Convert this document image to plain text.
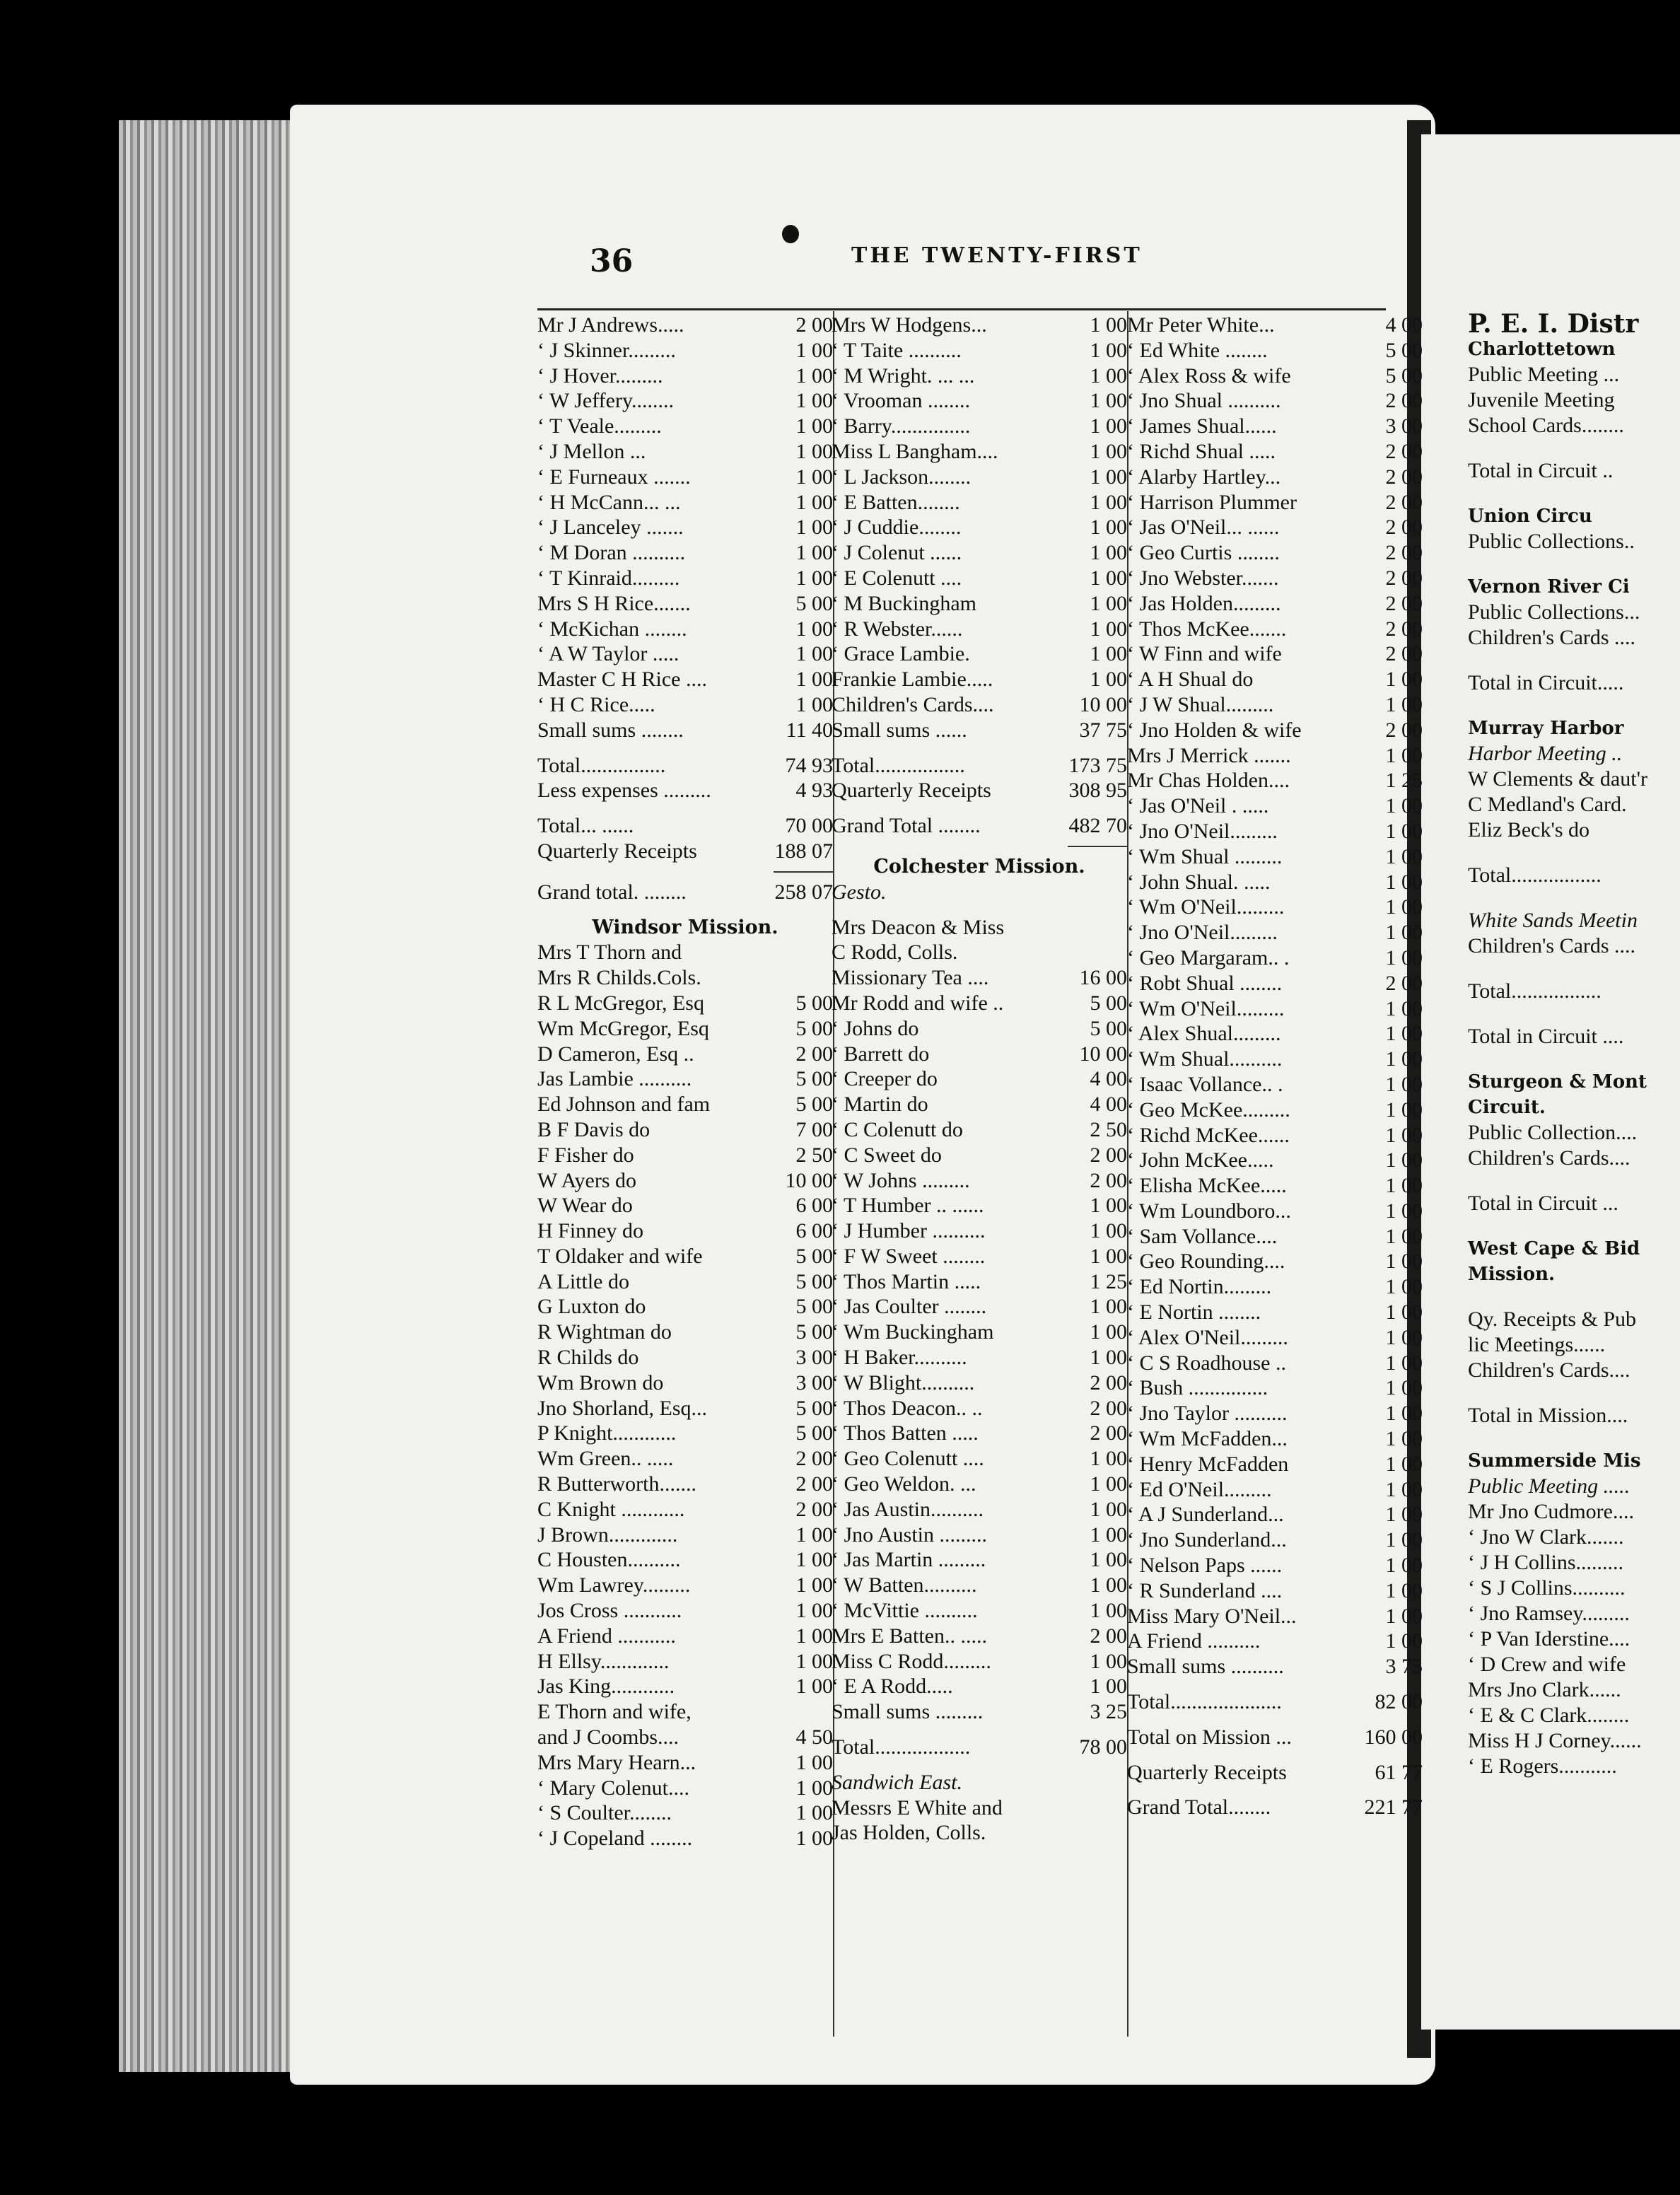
36	THE TWENTY-FIRST
Mr J Andrews.....	2 00
‘ J Skinner.........	1 00
‘ J Hover.........	1 00
‘ W Jeffery........	1 00
‘ T Veale.........	1 00
‘ J Mellon ...	1 00
‘ E Furneaux .......	1 00
‘ H McCann... ...	1 00
‘ J Lanceley .......	1 00
‘ M Doran ..........	1 00
‘ T Kinraid.........	1 00
Mrs S H Rice.......	5 00
‘ McKichan ........	1 00
‘ A W Taylor .....	1 00
Master C H Rice ....	1 00
‘ H C Rice.....	1 00
Small sums ........	11 40
Total................	74 93
Less expenses .........	4 93
Total... ......	70 00
Quarterly Receipts	188 07
Grand total. ........	258 07
Windsor Mission.
Mrs T Thorn and
Mrs R Childs.Cols.
R L McGregor, Esq	5 00
Wm McGregor, Esq	5 00
D Cameron, Esq ..	2 00
Jas Lambie ..........	5 00
Ed Johnson and fam	5 00
B F Davis do	7 00
F Fisher do	2 50
W Ayers do	10 00
W Wear do	6 00
H Finney do	6 00
T Oldaker and wife	5 00
A Little do	5 00
G Luxton do	5 00
R Wightman do	5 00
R Childs do	3 00
Wm Brown do	3 00
Jno Shorland, Esq...	5 00
P Knight............	5 00
Wm Green.. .....	2 00
R Butterworth.......	2 00
C Knight ............	2 00
J Brown.............	1 00
C Housten..........	1 00
Wm Lawrey.........	1 00
Jos Cross ...........	1 00
A Friend ...........	1 00
H Ellsy.............	1 00
Jas King............	1 00
E Thorn and wife,
and J Coombs....	4 50
Mrs Mary Hearn...	1 00
‘ Mary Colenut....	1 00
‘ S Coulter........	1 00
‘ J Copeland ........	1 00
Mrs W Hodgens...	1 00
‘ T Taite ..........	1 00
‘ M Wright. ... ...	1 00
‘ Vrooman ........	1 00
‘ Barry...............	1 00
Miss L Bangham....	1 00
‘ L Jackson........	1 00
‘ E Batten........	1 00
‘ J Cuddie........	1 00
‘ J Colenut ......	1 00
‘ E Colenutt ....	1 00
‘ M Buckingham	1 00
‘ R Webster......	1 00
‘ Grace Lambie.	1 00
Frankie Lambie.....	1 00
Children's Cards....	10 00
Small sums ......	37 75
Total.................	173 75
Quarterly Receipts	308 95
Grand Total ........	482 70
Colchester Mission.
Gesto.
Mrs Deacon & Miss
C Rodd, Colls.
Missionary Tea ....	16 00
Mr Rodd and wife ..	5 00
‘ Johns do	5 00
‘ Barrett do	10 00
‘ Creeper do	4 00
‘ Martin do	4 00
‘ C Colenutt do	2 50
‘ C Sweet do	2 00
‘ W Johns .........	2 00
‘ T Humber .. ......	1 00
‘ J Humber ..........	1 00
‘ F W Sweet ........	1 00
‘ Thos Martin .....	1 25
‘ Jas Coulter ........	1 00
‘ Wm Buckingham	1 00
‘ H Baker..........	1 00
‘ W Blight..........	2 00
‘ Thos Deacon.. ..	2 00
‘ Thos Batten .....	2 00
‘ Geo Colenutt ....	1 00
‘ Geo Weldon. ...	1 00
‘ Jas Austin..........	1 00
‘ Jno Austin .........	1 00
‘ Jas Martin .........	1 00
‘ W Batten..........	1 00
‘ McVittie ..........	1 00
Mrs E Batten.. .....	2 00
Miss C Rodd.........	1 00
‘ E A Rodd.....	1 00
Small sums .........	3 25
Total..................	78 00
Sandwich East.
Messrs E White and
Jas Holden, Colls.
Mr Peter White...	4 00
‘ Ed White ........	5 00
‘ Alex Ross & wife	5 00
‘ Jno Shual ..........	2 00
‘ James Shual......	3 00
‘ Richd Shual .....	2 00
‘ Alarby Hartley...	2 00
‘ Harrison Plummer	2 00
‘ Jas O'Neil... ......	2 00
‘ Geo Curtis ........	2 00
‘ Jno Webster.......	2 00
‘ Jas Holden.........	2 00
‘ Thos McKee.......	2 00
‘ W Finn and wife	2 00
‘ A H Shual do	1 00
‘ J W Shual.........	1 00
‘ Jno Holden & wife	2 00
Mrs J Merrick .......	1 00
Mr Chas Holden....	1 25
‘ Jas O'Neil . .....	1 00
‘ Jno O'Neil.........	1 00
‘ Wm Shual .........	1 00
‘ John Shual. .....	1 00
‘ Wm O'Neil.........	1 00
‘ Jno O'Neil.........	1 00
‘ Geo Margaram.. .	1 00
‘ Robt Shual ........	2 00
‘ Wm O'Neil.........	1 00
‘ Alex Shual.........	1 00
‘ Wm Shual..........	1 00
‘ Isaac Vollance.. .	1 00
‘ Geo McKee.........	1 00
‘ Richd McKee......	1 00
‘ John McKee.....	1 00
‘ Elisha McKee.....	1 00
‘ Wm Loundboro...	1 00
‘ Sam Vollance....	1 00
‘ Geo Rounding....	1 00
‘ Ed Nortin.........	1 00
‘ E Nortin ........	1 00
‘ Alex O'Neil.........	1 00
‘ C S Roadhouse ..	1 00
‘ Bush ...............	1 00
‘ Jno Taylor ..........	1 00
‘ Wm McFadden...	1 00
‘ Henry McFadden	1 00
‘ Ed O'Neil.........	1 00
‘ A J Sunderland...	1 00
‘ Jno Sunderland...	1 00
‘ Nelson Paps ......	1 00
‘ R Sunderland ....	1 00
Miss Mary O'Neil...	1 00
A Friend ..........	1 00
Small sums ..........	3 75
Total.....................	82 00
Total on Mission ...	160 00
Quarterly Receipts	61 77
Grand Total........	221 77
P. E. I. Distr
Charlottetown
Public Meeting ...
Juvenile Meeting
School Cards........
Total in Circuit ..
Union Circu
Public Collections..
Vernon River Ci
Public Collections...
Children's Cards ....
Total in Circuit.....
Murray Harbor
Harbor Meeting ..
W Clements & daut'r
C Medland's Card.
Eliz Beck's do
Total.................
White Sands Meetin
Children's Cards ....
Total.................
Total in Circuit ....
Sturgeon & Mont
Circuit.
Public Collection....
Children's Cards....
Total in Circuit ...
West Cape & Bid
Mission.
Qy. Receipts & Pub
lic Meetings......
Children's Cards....
Total in Mission....
Summerside Mis
Public Meeting .....
Mr Jno Cudmore....
‘ Jno W Clark.......
‘ J H Collins.........
‘ S J Collins..........
‘ Jno Ramsey.........
‘ P Van Iderstine....
‘ D Crew and wife
Mrs Jno Clark......
‘ E & C Clark........
Miss H J Corney......
‘ E Rogers...........
